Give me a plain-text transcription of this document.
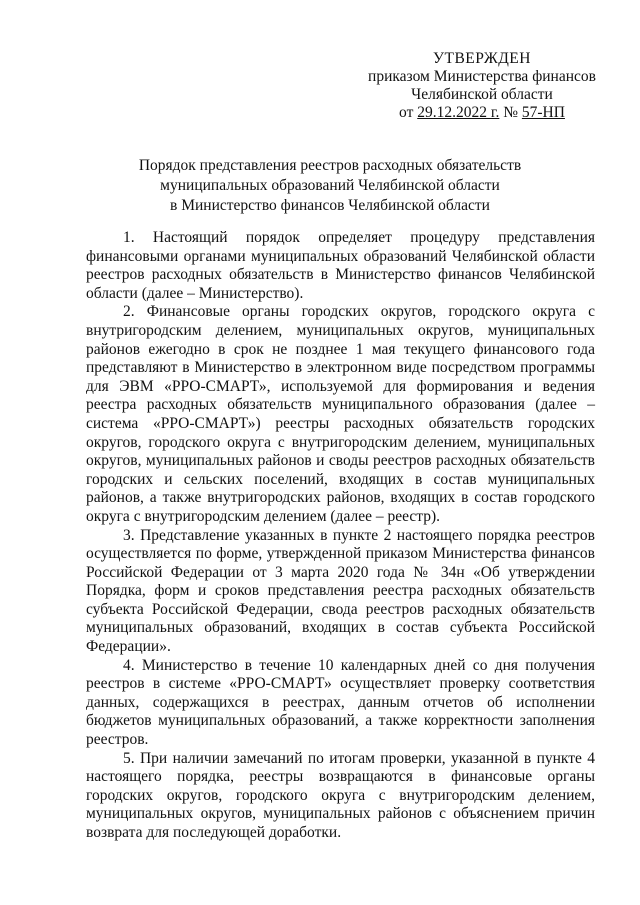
УТВЕРЖДЕН
приказом Министерства финансов
Челябинской области
от 29.12.2022 г. № 57-НП
Порядок представления реестров расходных обязательств
муниципальных образований Челябинской области
в Министерство финансов Челябинской области

1. Настоящий порядок определяет процедуру представления финансовыми органами муниципальных образований Челябинской области реестров расходных обязательств в Министерство финансов Челябинской области (далее – Министерство).

2. Финансовые органы городских округов, городского округа с внутригородским делением, муниципальных округов, муниципальных районов ежегодно в срок не позднее 1 мая текущего финансового года представляют в Министерство в электронном виде посредством программы для ЭВМ «РРО-СМАРТ», используемой для формирования и ведения реестра расходных обязательств муниципального образования (далее – система «РРО-СМАРТ») реестры расходных обязательств городских округов, городского округа с внутригородским делением, муниципальных округов, муниципальных районов и своды реестров расходных обязательств городских и сельских поселений, входящих в состав муниципальных районов, а также внутригородских районов, входящих в состав городского округа с внутригородским делением (далее – реестр).

3. Представление указанных в пункте 2 настоящего порядка реестров осуществляется по форме, утвержденной приказом Министерства финансов Российской Федерации от 3 марта 2020 года № 34н «Об утверждении Порядка, форм и сроков представления реестра расходных обязательств субъекта Российской Федерации, свода реестров расходных обязательств муниципальных образований, входящих в состав субъекта Российской Федерации».

4. Министерство в течение 10 календарных дней со дня получения реестров в системе «РРО-СМАРТ» осуществляет проверку соответствия данных, содержащихся в реестрах, данным отчетов об исполнении бюджетов муниципальных образований, а также корректности заполнения реестров.

5. При наличии замечаний по итогам проверки, указанной в пункте 4 настоящего порядка, реестры возвращаются в финансовые органы городских округов, городского округа с внутригородским делением, муниципальных округов, муниципальных районов с объяснением причин возврата для последующей доработки.
